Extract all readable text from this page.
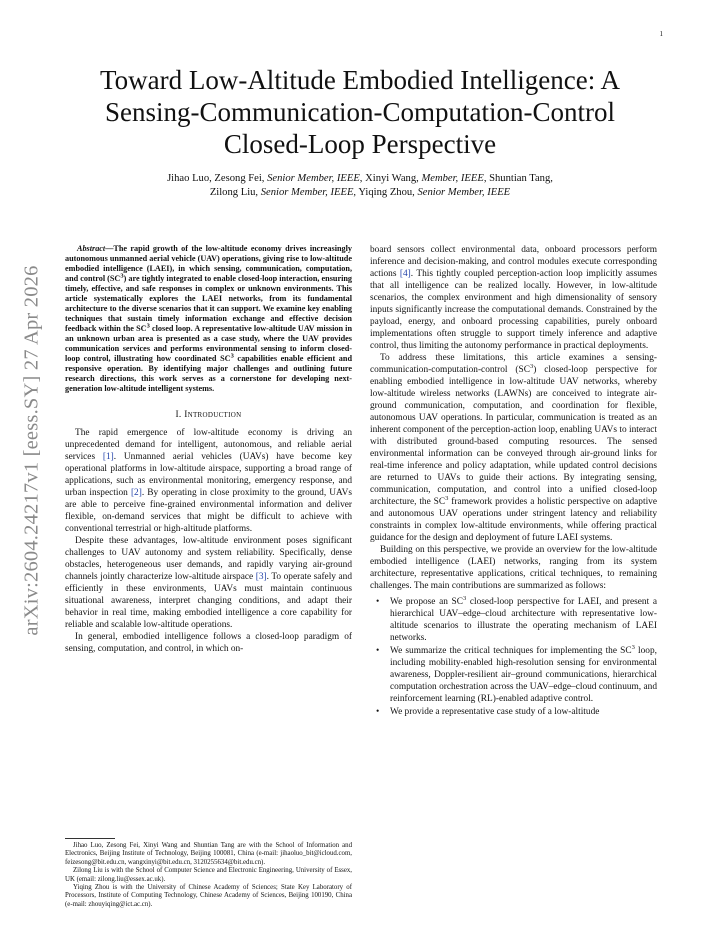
1
arXiv:2604.24217v1 [eess.SY] 27 Apr 2026
Toward Low-Altitude Embodied Intelligence: A Sensing-Communication-Computation-Control Closed-Loop Perspective
Jihao Luo, Zesong Fei, Senior Member, IEEE, Xinyi Wang, Member, IEEE, Shuntian Tang,
Zilong Liu, Senior Member, IEEE, Yiqing Zhou, Senior Member, IEEE

Abstract—The rapid growth of the low-altitude economy drives increasingly autonomous unmanned aerial vehicle (UAV) operations, giving rise to low-altitude embodied intelligence (LAEI), in which sensing, communication, computation, and control $(SC^3)$ are tightly integrated to enable closed-loop interaction, ensuring timely, effective, and safe responses in complex or unknown environments. This article systematically explores the LAEI networks, from its fundamental architecture to the diverse scenarios that it can support. We examine key enabling techniques that sustain timely information exchange and effective decision feedback within the $SC^3$ closed loop. A representative low-altitude UAV mission in an unknown urban area is presented as a case study, where the UAV provides communication services and performs environmental sensing to inform closed-loop control, illustrating how coordinated $SC^3$ capabilities enable efficient and responsive operation. By identifying major challenges and outlining future research directions, this work serves as a cornerstone for developing next-generation low-altitude intelligent systems.

I. Introduction

The rapid emergence of low-altitude economy is driving an unprecedented demand for intelligent, autonomous, and reliable aerial services [1]. Unmanned aerial vehicles (UAVs) have become key operational platforms in low-altitude airspace, supporting a broad range of applications, such as environmental monitoring, emergency response, and urban inspection [2]. By operating in close proximity to the ground, UAVs are able to perceive fine-grained environmental information and deliver flexible, on-demand services that might be difficult to achieve with conventional terrestrial or high-altitude platforms.

Despite these advantages, low-altitude environment poses significant challenges to UAV autonomy and system reliability. Specifically, dense obstacles, heterogeneous user demands, and rapidly varying air-ground channels jointly characterize low-altitude airspace [3]. To operate safely and efficiently in these environments, UAVs must maintain continuous situational awareness, interpret changing conditions, and adapt their behavior in real time, making embodied intelligence a core capability for reliable and scalable low-altitude operations.

In general, embodied intelligence follows a closed-loop paradigm of sensing, computation, and control, in which on-

Jihao Luo, Zesong Fei, Xinyi Wang and Shuntian Tang are with the School of Information and Electronics, Beijing Institute of Technology, Beijing 100081, China (e-mail: jihaoluo_bit@icloud.com, feizesong@bit.edu.cn, wangxinyi@bit.edu.cn, 3120255634@bit.edu.cn).

Zilong Liu is with the School of Computer Science and Electronic Engineering, University of Essex, UK (email: zilong.liu@essex.ac.uk).

Yiqing Zhou is with the University of Chinese Academy of Sciences; State Key Laboratory of Processors, Institute of Computing Technology, Chinese Academy of Sciences, Beijing 100190, China (e-mail: zhouyiqing@ict.ac.cn).

board sensors collect environmental data, onboard processors perform inference and decision-making, and control modules execute corresponding actions [4]. This tightly coupled perception-action loop implicitly assumes that all intelligence can be realized locally. However, in low-altitude scenarios, the complex environment and high dimensionality of sensory inputs significantly increase the computational demands. Constrained by the payload, energy, and onboard processing capabilities, purely onboard implementations often struggle to support timely inference and adaptive control, thus limiting the autonomy performance in practical deployments.

To address these limitations, this article examines a sensing-communication-computation-control $(SC^3)$ closed-loop perspective for enabling embodied intelligence in low-altitude UAV networks, whereby low-altitude wireless networks (LAWNs) are conceived to integrate air-ground communication, computation, and coordination for flexible, autonomous UAV operations. In particular, communication is treated as an inherent component of the perception-action loop, enabling UAVs to interact with distributed ground-based computing resources. The sensed environmental information can be conveyed through air-ground links for real-time inference and policy adaptation, while updated control decisions are returned to UAVs to guide their actions. By integrating sensing, communication, computation, and control into a unified closed-loop architecture, the $SC^3$ framework provides a holistic perspective on adaptive and autonomous UAV operations under stringent latency and reliability constraints in complex low-altitude environments, while offering practical guidance for the design and deployment of future LAEI systems.

Building on this perspective, we provide an overview for the low-altitude embodied intelligence (LAEI) networks, ranging from its system architecture, representative applications, critical techniques, to remaining challenges. The main contributions are summarized as follows:

• We propose an $SC^3$ closed-loop perspective for LAEI, and present a hierarchical UAV–edge–cloud architecture with representative low-altitude scenarios to illustrate the operating mechanism of LAEI networks.
• We summarize the critical techniques for implementing the $SC^3$ loop, including mobility-enabled high-resolution sensing for environmental awareness, Doppler-resilient air–ground communications, hierarchical computation orchestration across the UAV–edge–cloud continuum, and reinforcement learning (RL)-enabled adaptive control.
• We provide a representative case study of a low-altitude
